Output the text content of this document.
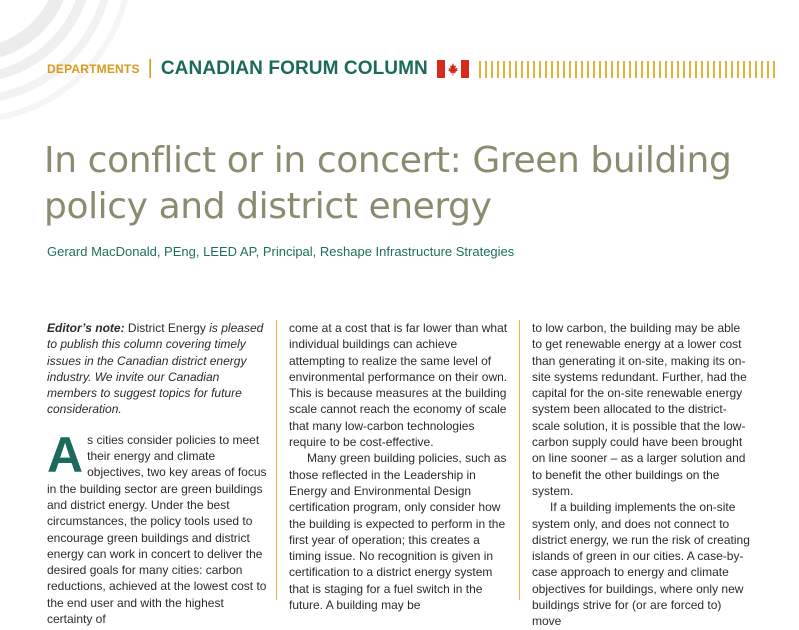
DEPARTMENTS | CANADIAN FORUM COLUMN
In conflict or in concert: Green building policy and district energy
Gerard MacDonald, PEng, LEED AP, Principal, Reshape Infrastructure Strategies

Editor’s note: District Energy is pleased to publish this column covering timely issues in the Canadian district energy industry. We invite our Canadian members to suggest topics for future consideration.

As cities consider policies to meet their energy and climate objectives, two key areas of focus in the building sector are green buildings and district energy. Under the best circumstances, the policy tools used to encourage green buildings and district energy can work in concert to deliver the desired goals for many cities: carbon reductions, achieved at the lowest cost to the end user and with the highest certainty of

come at a cost that is far lower than what individual buildings can achieve attempting to realize the same level of environmental performance on their own. This is because measures at the building scale cannot reach the economy of scale that many low-carbon technologies require to be cost-effective.

Many green building policies, such as those reflected in the Leadership in Energy and Environmental Design certification program, only consider how the building is expected to perform in the first year of operation; this creates a timing issue. No recognition is given in certification to a district energy system that is staging for a fuel switch in the future. A building may be

to low carbon, the building may be able to get renewable energy at a lower cost than generating it on-site, making its on-site systems redundant. Further, had the capital for the on-site renewable energy system been allocated to the district-scale solution, it is possible that the low-carbon supply could have been brought on line sooner – as a larger solution and to benefit the other buildings on the system.

If a building implements the on-site system only, and does not connect to district energy, we run the risk of creating islands of green in our cities. A case-by-case approach to energy and climate objectives for buildings, where only new buildings strive for (or are forced to) move
